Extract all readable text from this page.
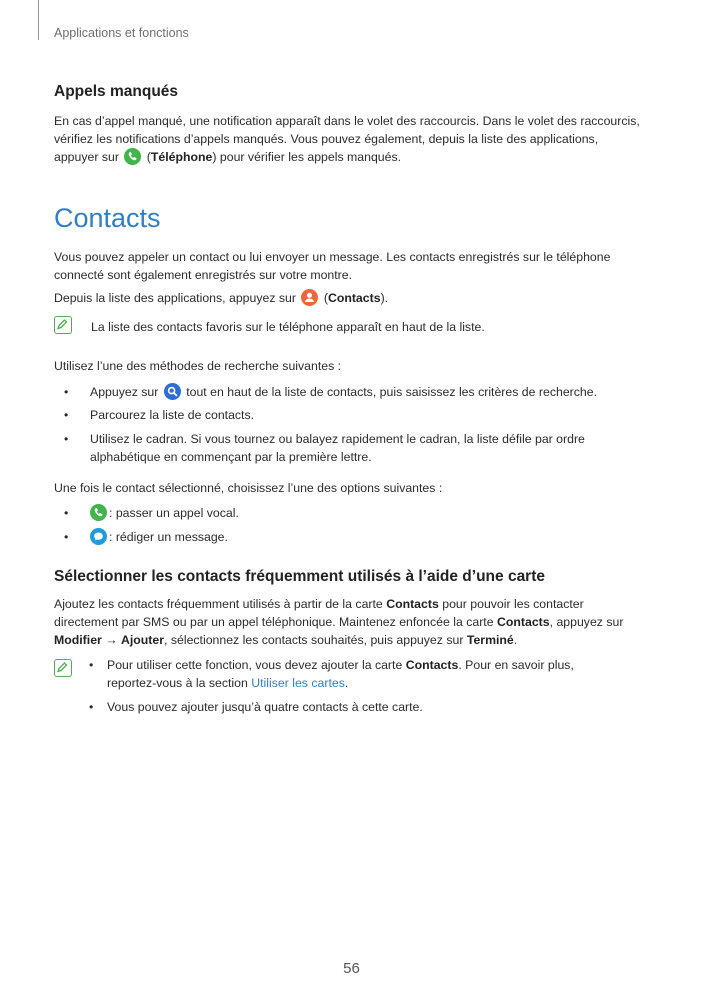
Applications et fonctions
Appels manqués

En cas d’appel manqué, une notification apparaît dans le volet des raccourcis. Dans le volet des raccourcis,

vérifiez les notifications d’appels manqués. Vous pouvez également, depuis la liste des applications,

appuyer sur (Téléphone) pour vérifier les appels manqués.

Contacts

Vous pouvez appeler un contact ou lui envoyer un message. Les contacts enregistrés sur le téléphone

connecté sont également enregistrés sur votre montre.

Depuis la liste des applications, appuyez sur (Contacts).

La liste des contacts favoris sur le téléphone apparaît en haut de la liste.

Utilisez l’une des méthodes de recherche suivantes :

• Appuyez sur tout en haut de la liste de contacts, puis saisissez les critères de recherche.
• Parcourez la liste de contacts.
• Utilisez le cadran. Si vous tournez ou balayez rapidement le cadran, la liste défile par ordre
alphabétique en commençant par la première lettre.

Une fois le contact sélectionné, choisissez l’une des options suivantes :

•	: passer un appel vocal.
•	: rédiger un message.
Sélectionner les contacts fréquemment utilisés à l’aide d’une carte

Ajoutez les contacts fréquemment utilisés à partir de la carte Contacts pour pouvoir les contacter

directement par SMS ou par un appel téléphonique. Maintenez enfoncée la carte Contacts, appuyez sur

Modifier → Ajouter, sélectionnez les contacts souhaités, puis appuyez sur Terminé.

• Pour utiliser cette fonction, vous devez ajouter la carte Contacts. Pour en savoir plus,
reportez-vous à la section Utiliser les cartes.
• Vous pouvez ajouter jusqu’à quatre contacts à cette carte.
56
